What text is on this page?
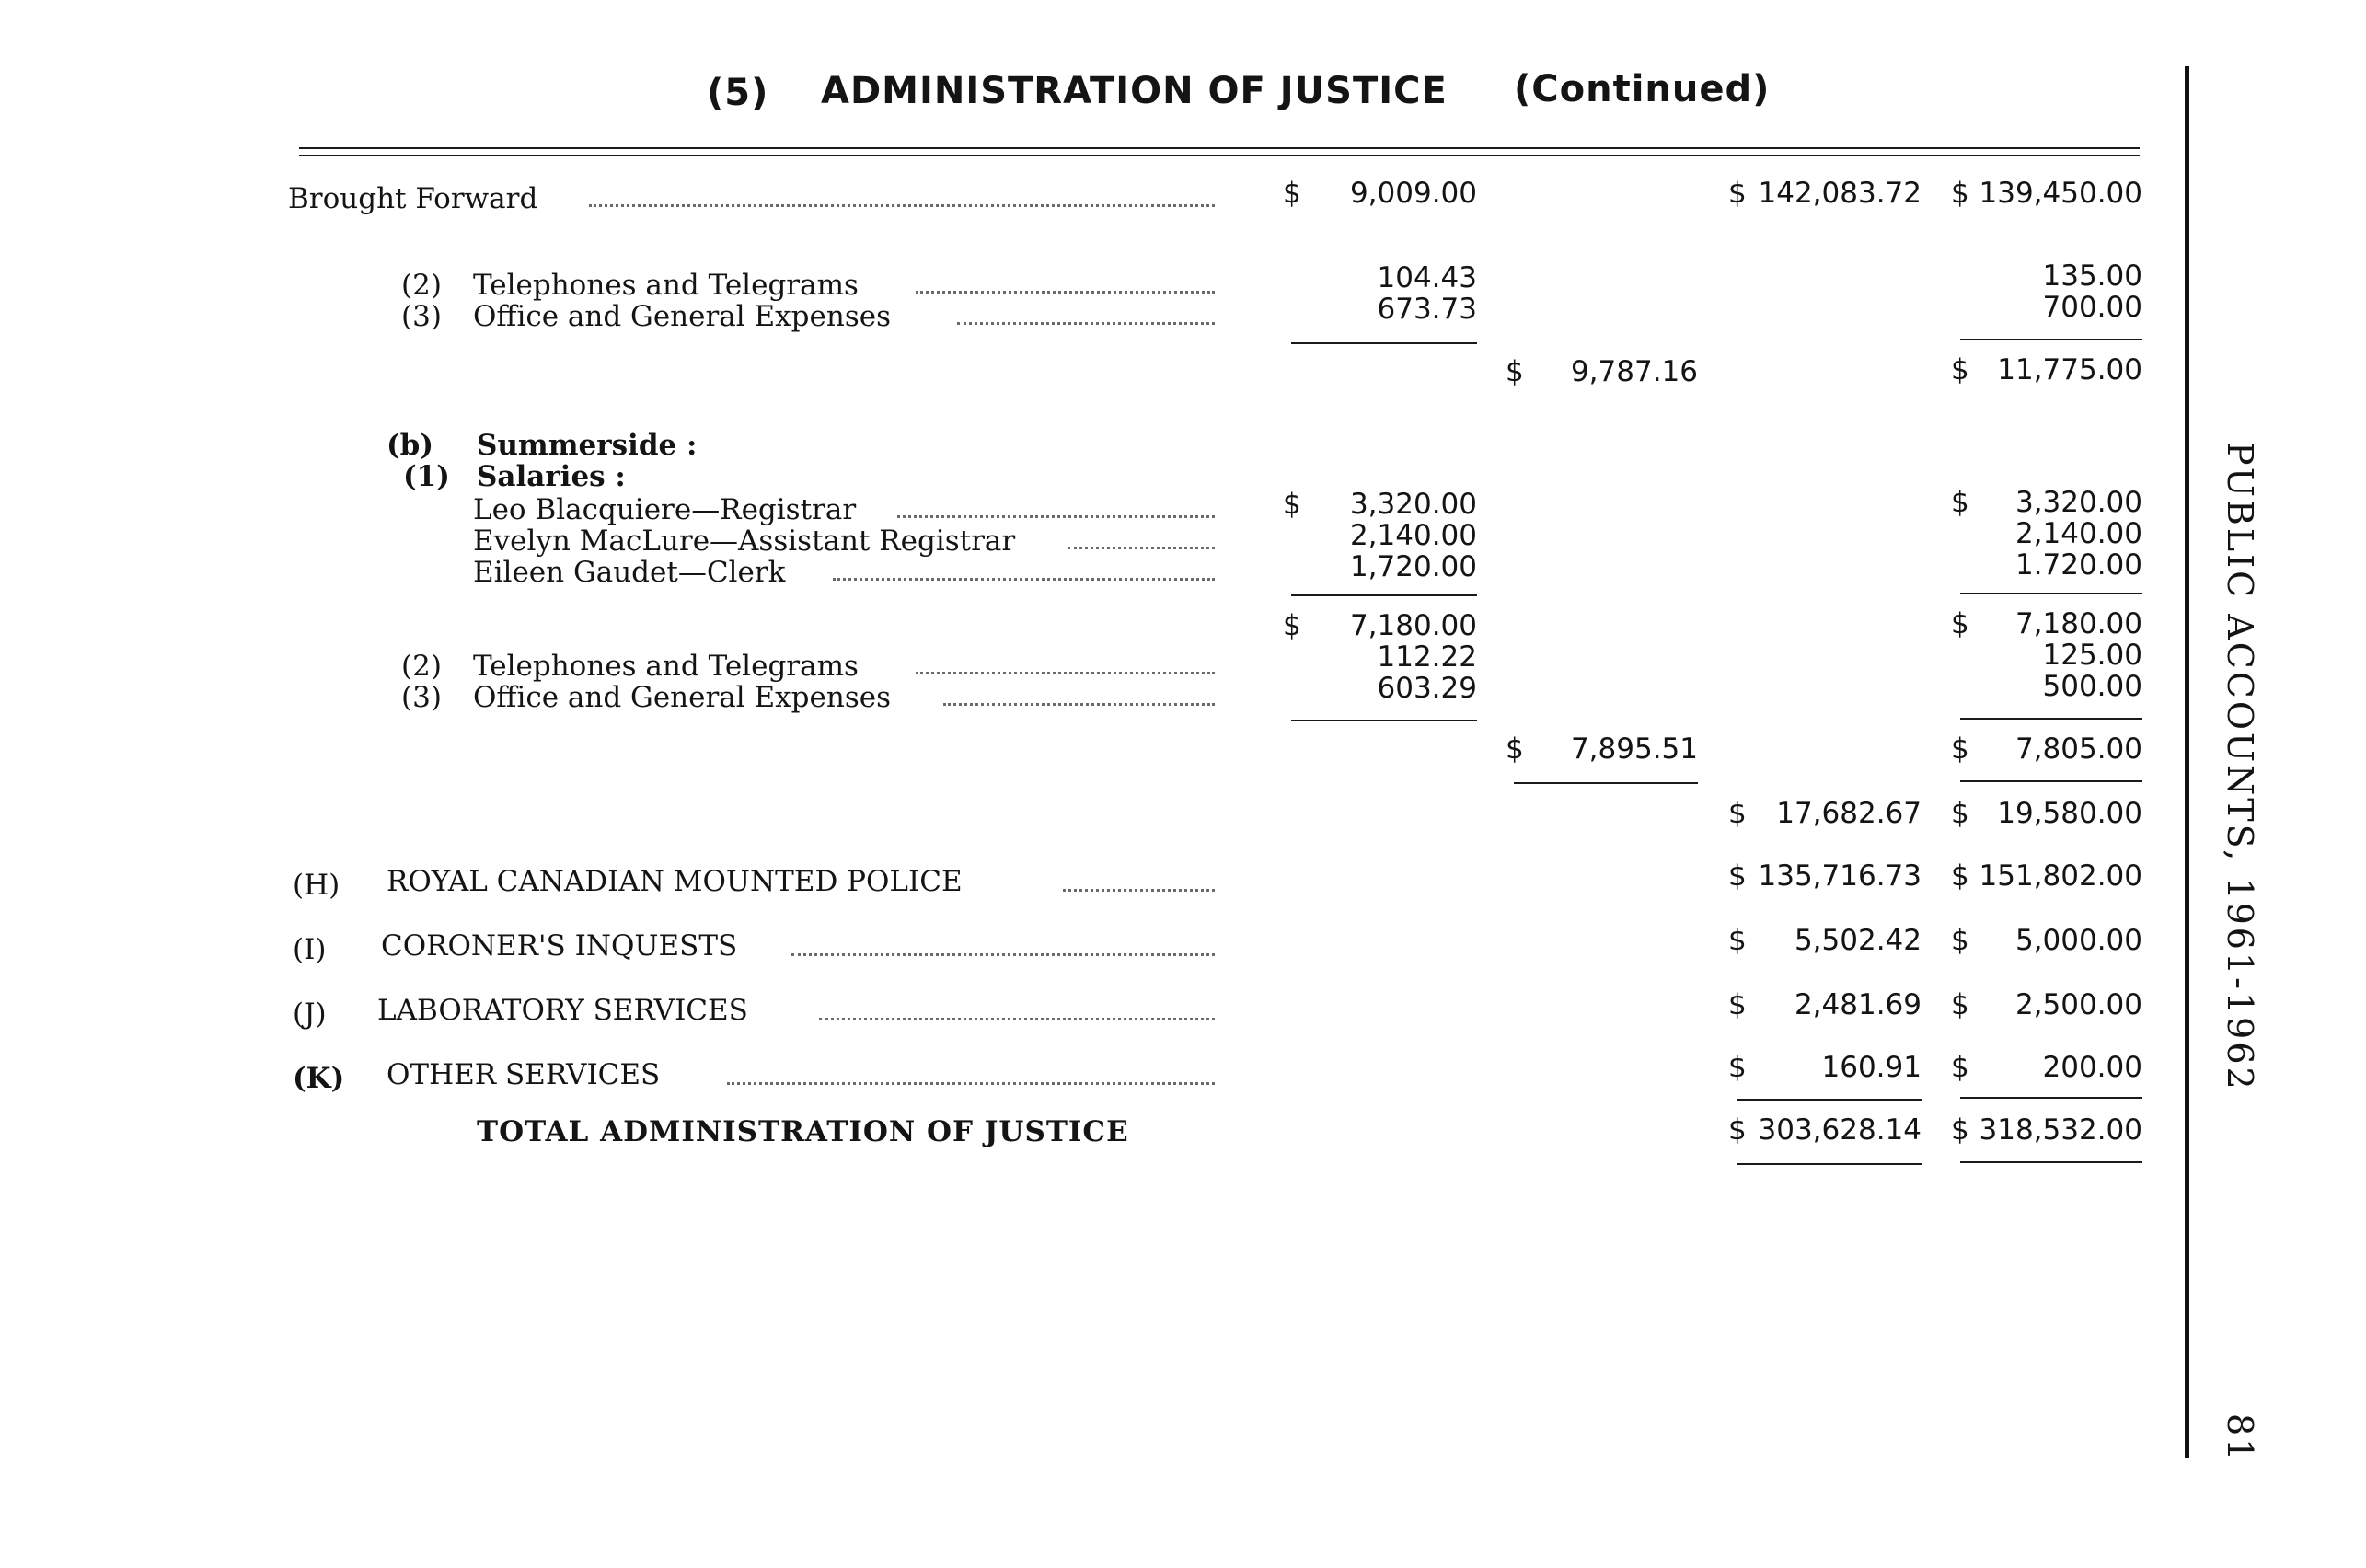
(5) ADMINISTRATION OF JUSTICE (Continued)
Brought Forward	$	9,009.00	$ 142,083.72 $ 139,450.00
(2) Telephones and Telegrams	104.43	135.00
(3) Office and General Expenses	673.73	700.00
$	9,787.16	$ 11,775.00
(b) Summerside :
(1) Salaries :
Leo Blacquiere—Registrar	$	3,320.00	$	3,320.00
Evelyn MacLure—Assistant Registrar	2,140.00	2,140.00
Eileen Gaudet—Clerk	1,720.00	1.720.00
$	7,180.00	$	7,180.00
(2) Telephones and Telegrams	112.22	125.00
(3) Office and General Expenses	603.29	500.00
$	7,895.51	$	7,805.00
$	17,682.67 $ 19,580.00
(H) ROYAL CANADIAN MOUNTED POLICE	$ 135,716.73 $ 151,802.00
(I) CORONER'S INQUESTS	$	5,502.42 $	5,000.00
(J) LABORATORY SERVICES	$	2,481.69 $	2,500.00
(K) OTHER SERVICES	$	160.91 $	200.00
TOTAL ADMINISTRATION OF JUSTICE	$ 303,628.14 $ 318,532.00
PUBLIC ACCOUNTS, 1961-1962
81
